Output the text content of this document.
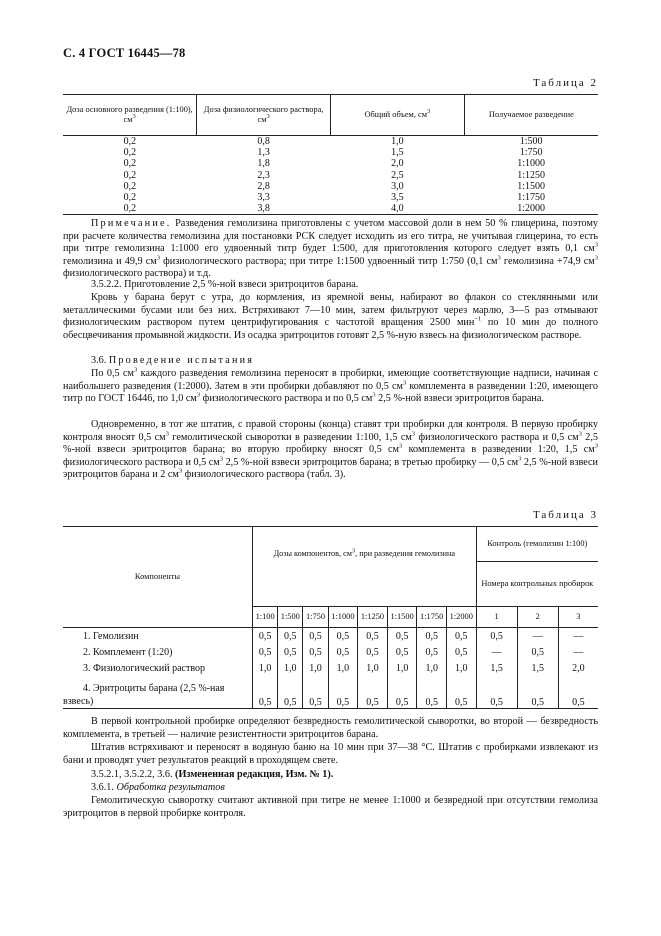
С. 4 ГОСТ 16445—78
Таблица 2
Доза основного разведения (1:100), $см^3$	Доза физиологического раствора, $см^3$	Общий объем, $см^3$	Получаемое разведение
0,2	0,8	1,0	1:500
0,2	1,3	1,5	1:750
0,2	1,8	2,0	1:1000
0,2	2,3	2,5	1:1250
0,2	2,8	3,0	1:1500
0,2	3,3	3,5	1:1750
0,2	3,8	4,0	1:2000
Примечание. Разведения гемолизина приготовлены с учетом массовой доли в нем 50 % глицерина, поэтому при расчете количества гемолизина для постановки РСК следует исходить из его титра, не учитывая глицерина, то есть при титре гемолизина 1:1000 его удвоенный титр будет 1:500, для приготовления которого следует взять 0,1 $см^3$ гемолизина и 49,9 $см^3$ физиологического раствора; при титре 1:1500 удвоенный титр 1:750 (0,1 $см^3$ гемолизина +74,9 $см^3$ физиологического раствора) и т.д.
3.5.2.2. Приготовление 2,5 %-ной взвеси эритроцитов барана.
Кровь у барана берут с утра, до кормления, из яремной вены, набирают во флакон со стеклянными или металлическими бусами или без них. Встряхивают 7—10 мин, затем фильтруют через марлю, 3—5 раз отмывают физиологическим раствором путем центрифугирования с частотой вращения 2500 мин$^{-1}$ по 10 мин до полного обесцвечивания промывной жидкости. Из осадка эритроцитов готовят 2,5 %-ную взвесь на физиологическом растворе.
3.6. Проведение испытания
По 0,5 $см^3$ каждого разведения гемолизина переносят в пробирки, имеющие соответствующие надписи, начиная с наибольшего разведения (1:2000). Затем в эти пробирки добавляют по 0,5 $см^3$ комплемента в разведении 1:20, имеющего титр по ГОСТ 16446, по 1,0 $см^3$ физиологического раствора и по 0,5 $см^3$ 2,5 %-ной взвеси эритроцитов барана.
Одновременно, в тот же штатив, с правой стороны (конца) ставят три пробирки для контроля. В первую пробирку контроля вносят 0,5 $см^3$ гемолитической сыворотки в разведении 1:100, 1,5 $см^3$ физиологического раствора и 0,5 $см^3$ 2,5 %-ной взвеси эритроцитов барана; во вторую пробирку вносят 0,5 $см^3$ комплемента в разведении 1:20, 1,5 $см^3$ физиологического раствора и 0,5 $см^3$ 2,5 %-ной взвеси эритроцитов барана; в третью пробирку — 0,5 $см^3$ 2,5 %-ной взвеси эритроцитов барана и 2 $см^3$ физиологического раствора (табл. 3).
Таблица 3
Компоненты	Дозы компонентов, $см^3$, при разведения гемолизина								Контроль (гемолизин 1:100)		
									Номера контрольных пробирок		
	1:100	1:500	1:750	1:1000	1:1250	1:1500	1:1750	1:2000	1	2	3
1. Гемолизин	0,5	0,5	0,5	0,5	0,5	0,5	0,5	0,5	0,5	—	—
2. Комплемент (1:20)	0,5	0,5	0,5	0,5	0,5	0,5	0,5	0,5	—	0,5	—
3. Физиологический раствор	1,0	1,0	1,0	1,0	1,0	1,0	1,0	1,0	1,5	1,5	2,0
4. Эритроциты барана (2,5 %-ная взвесь)	0,5	0,5	0,5	0,5	0,5	0,5	0,5	0,5	0,5	0,5	0,5
В первой контрольной пробирке определяют безвредность гемолитической сыворотки, во второй — безвредность комплемента, в третьей — наличие резистентности эритроцитов барана.
Штатив встряхивают и переносят в водяную баню на 10 мин при 37—38 °С. Штатив с пробирками извлекают из бани и проводят учет результатов реакций в проходящем свете.
3.5.2.1, 3.5.2.2, 3.6. (Измененная редакция, Изм. № 1).
3.6.1. Обработка результатов
Гемолитическую сыворотку считают активной при титре не менее 1:1000 и безвредной при отсутствии гемолиза эритроцитов в первой пробирке контроля.
